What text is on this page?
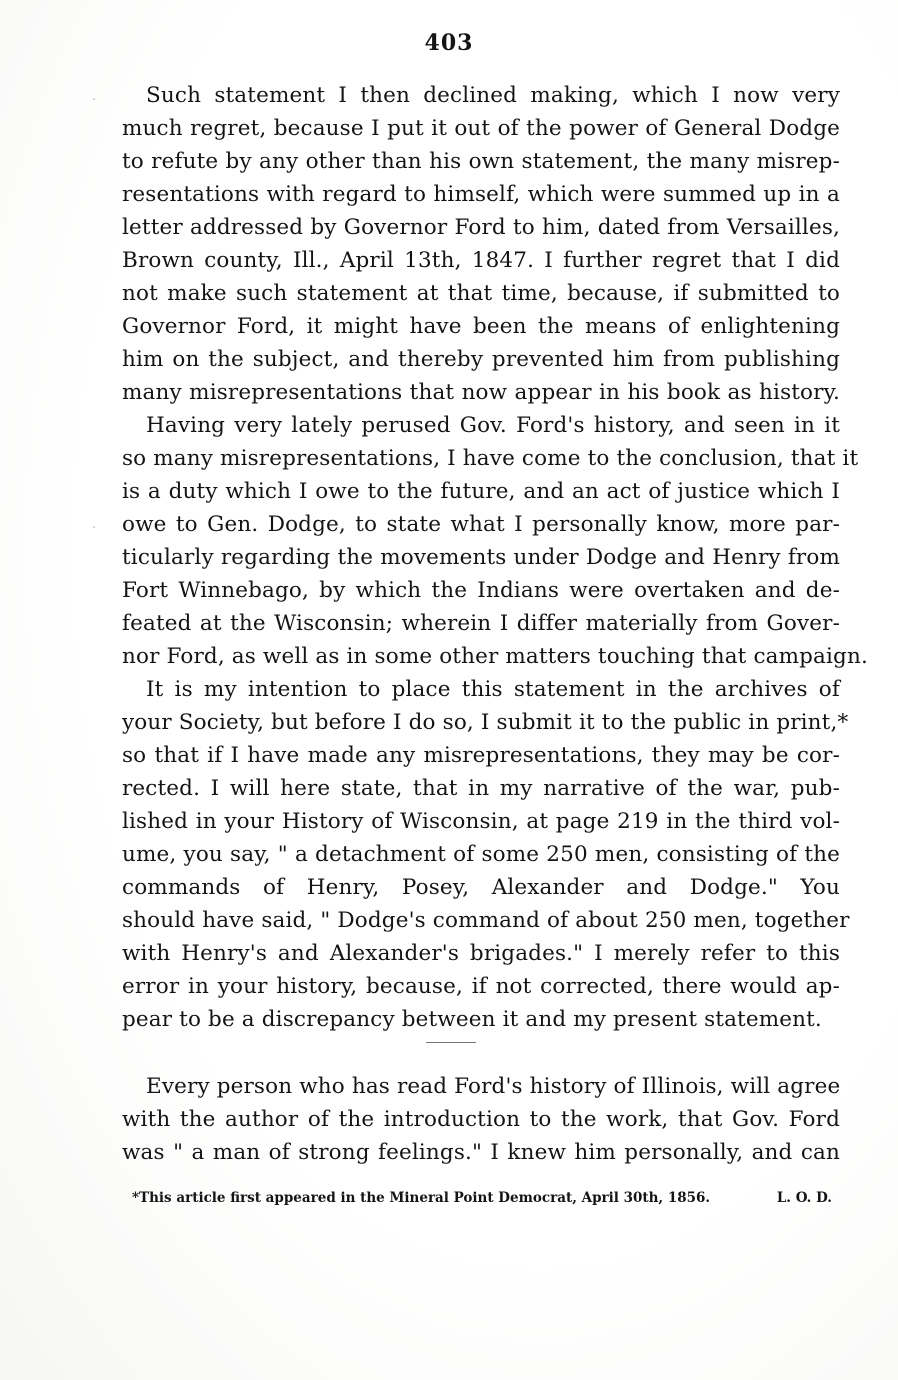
403
·
·
Such statement I then declined making, which I now very
much regret, because I put it out of the power of General Dodge
to refute by any other than his own statement, the many misrep-
resentations with regard to himself, which were summed up in a
letter addressed by Governor Ford to him, dated from Versailles,
Brown county, Ill., April 13th, 1847. I further regret that I did
not make such statement at that time, because, if submitted to
Governor Ford, it might have been the means of enlightening
him on the subject, and thereby prevented him from publishing
many misrepresentations that now appear in his book as history.
Having very lately perused Gov. Ford's history, and seen in it
so many misrepresentations, I have come to the conclusion, that it
is a duty which I owe to the future, and an act of justice which I
owe to Gen. Dodge, to state what I personally know, more par-
ticularly regarding the movements under Dodge and Henry from
Fort Winnebago, by which the Indians were overtaken and de-
feated at the Wisconsin; wherein I differ materially from Gover-
nor Ford, as well as in some other matters touching that campaign.
It is my intention to place this statement in the archives of
your Society, but before I do so, I submit it to the public in print,*
so that if I have made any misrepresentations, they may be cor-
rected. I will here state, that in my narrative of the war, pub-
lished in your History of Wisconsin, at page 219 in the third vol-
ume, you say, " a detachment of some 250 men, consisting of the
commands of Henry, Posey, Alexander and Dodge." You
should have said, " Dodge's command of about 250 men, together
with Henry's and Alexander's brigades." I merely refer to this
error in your history, because, if not corrected, there would ap-
pear to be a discrepancy between it and my present statement.
Every person who has read Ford's history of Illinois, will agree
with the author of the introduction to the work, that Gov. Ford
was " a man of strong feelings." I knew him personally, and can
*This article first appeared in the Mineral Point Democrat, April 30th, 1856.	L. O. D.
